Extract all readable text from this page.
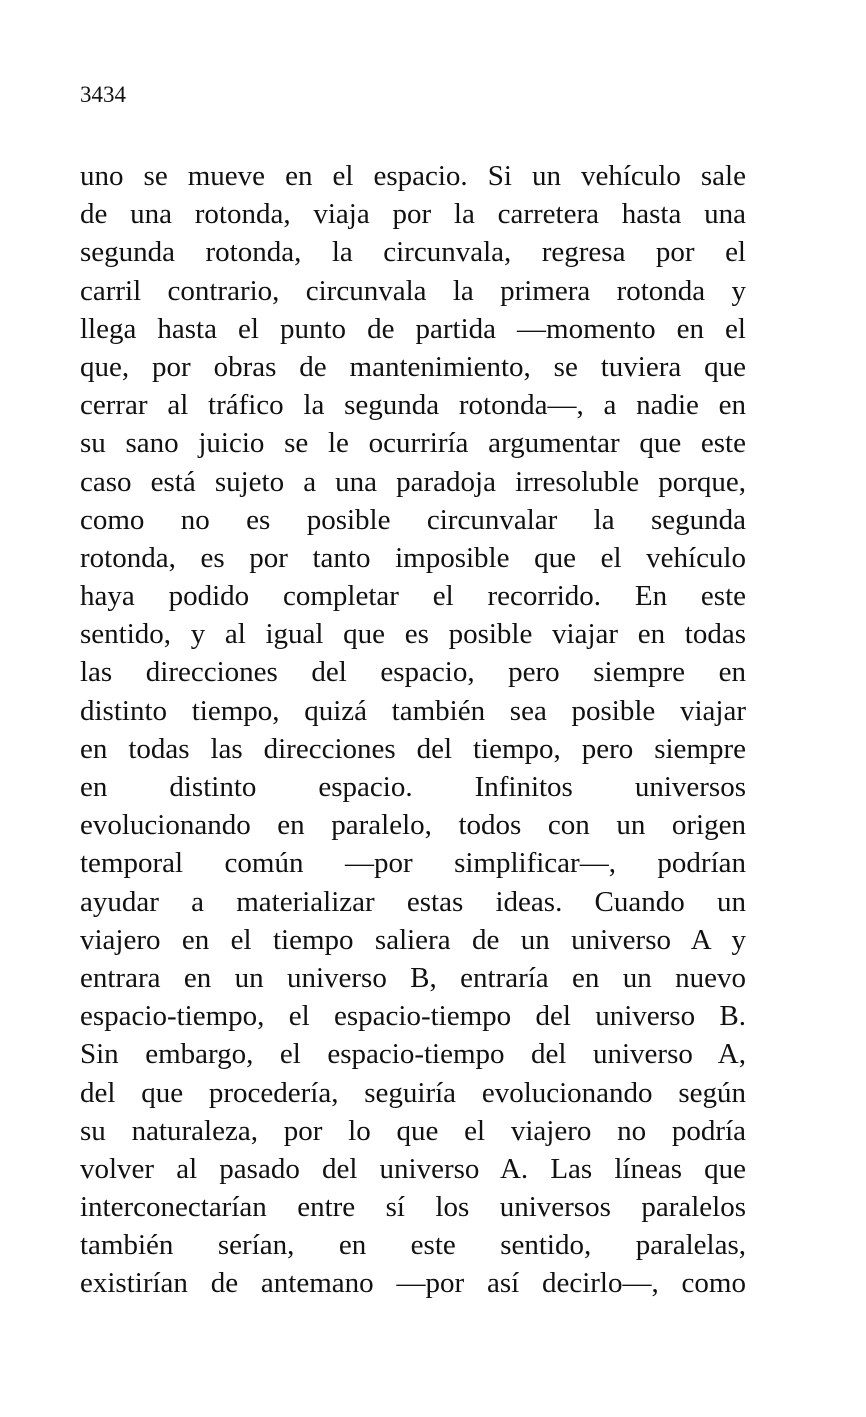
3434

uno se mueve en el espacio. Si un vehículo sale
de una rotonda, viaja por la carretera hasta una
segunda rotonda, la circunvala, regresa por el
carril contrario, circunvala la primera rotonda y
llega hasta el punto de partida —momento en el
que, por obras de mantenimiento, se tuviera que
cerrar al tráfico la segunda rotonda—, a nadie en
su sano juicio se le ocurriría argumentar que este
caso está sujeto a una paradoja irresoluble porque,
como no es posible circunvalar la segunda
rotonda, es por tanto imposible que el vehículo
haya podido completar el recorrido. En este
sentido, y al igual que es posible viajar en todas
las direcciones del espacio, pero siempre en
distinto tiempo, quizá también sea posible viajar
en todas las direcciones del tiempo, pero siempre
en distinto espacio. Infinitos universos
evolucionando en paralelo, todos con un origen
temporal común —por simplificar—, podrían
ayudar a materializar estas ideas. Cuando un
viajero en el tiempo saliera de un universo A y
entrara en un universo B, entraría en un nuevo
espacio-tiempo, el espacio-tiempo del universo B.
Sin embargo, el espacio-tiempo del universo A,
del que procedería, seguiría evolucionando según
su naturaleza, por lo que el viajero no podría
volver al pasado del universo A. Las líneas que
interconectarían entre sí los universos paralelos
también serían, en este sentido, paralelas,
existirían de antemano —por así decirlo—, como
